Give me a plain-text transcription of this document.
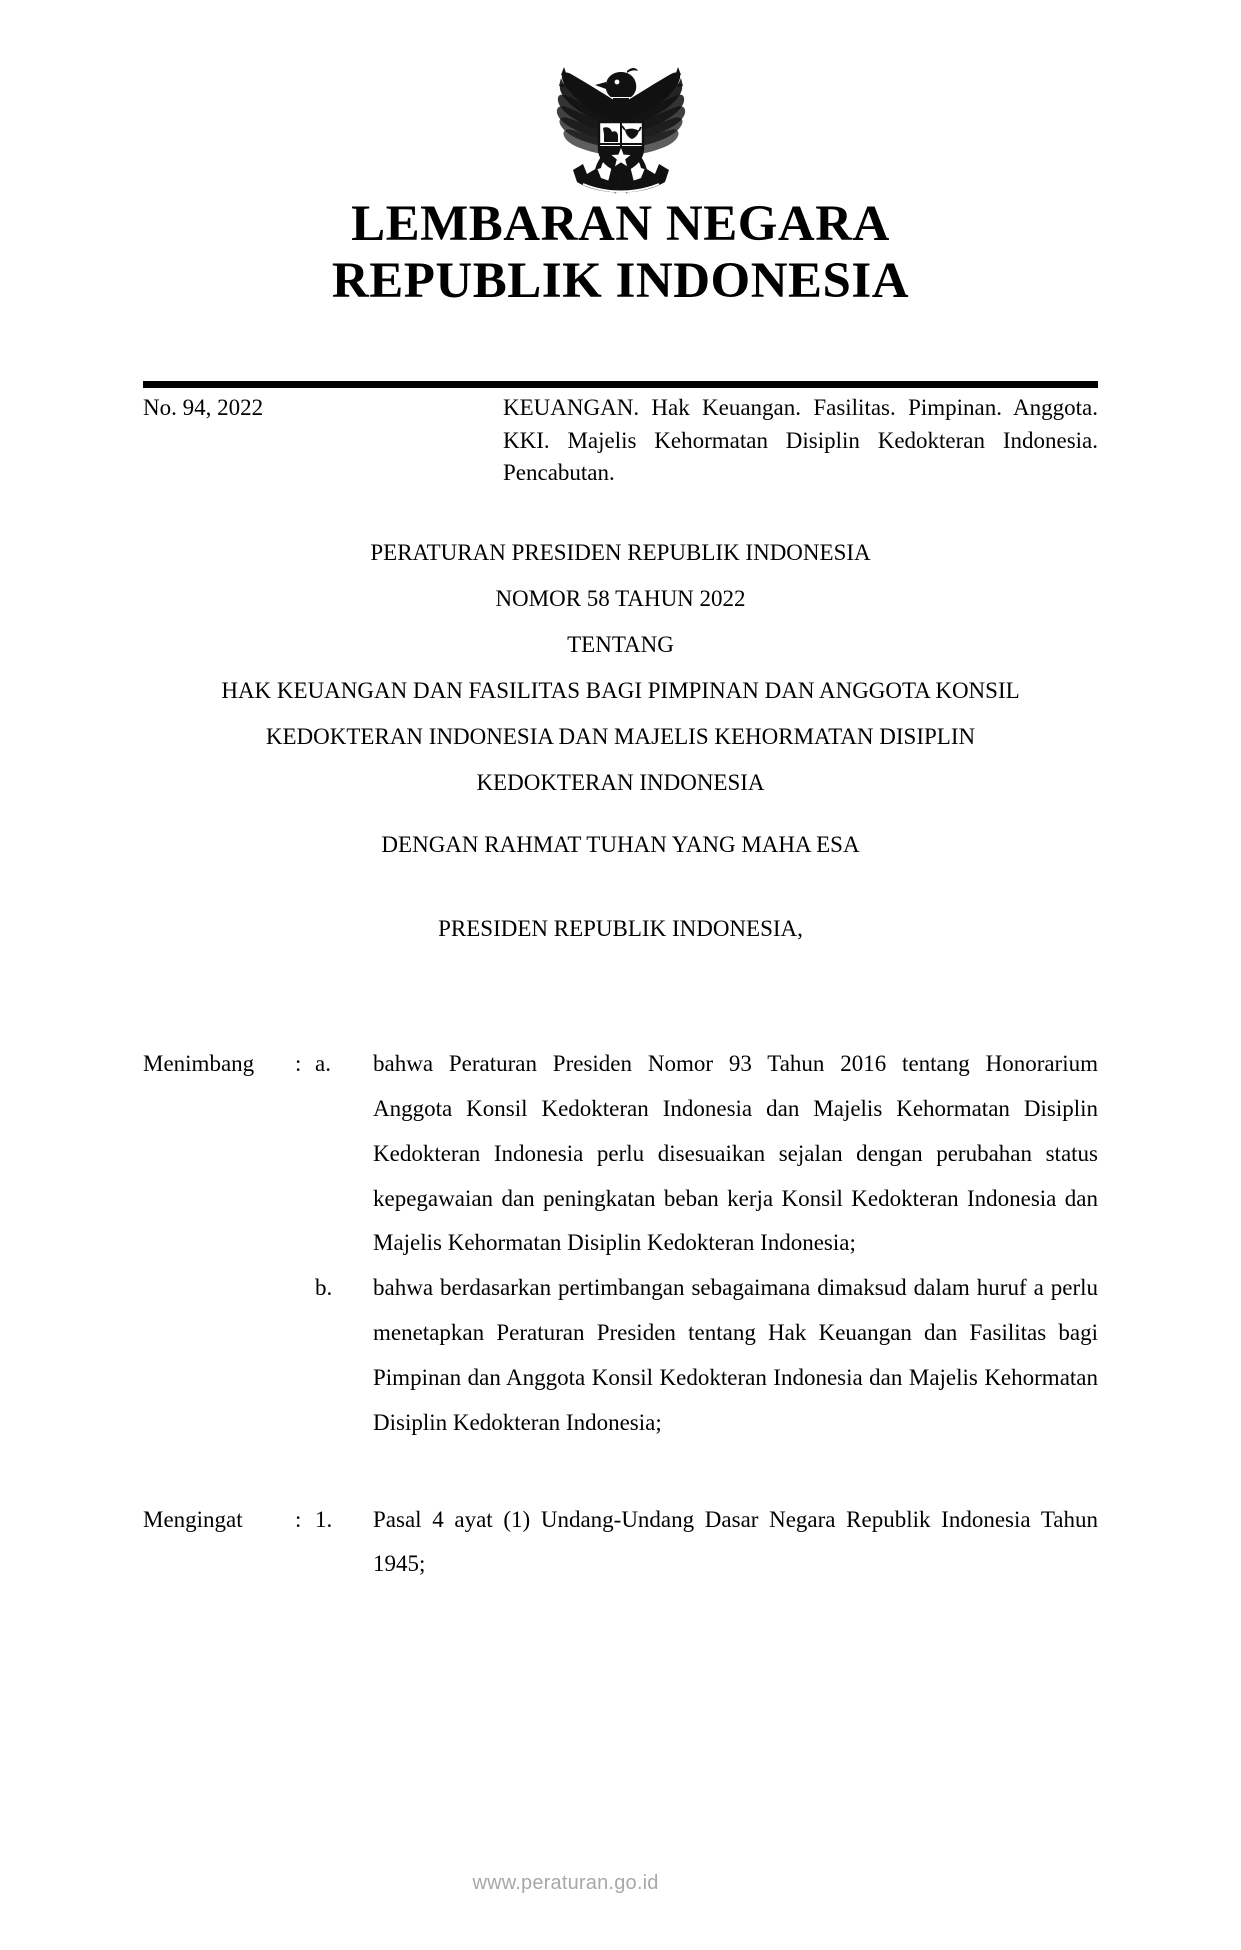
LEMBARAN NEGARA
REPUBLIK INDONESIA
No. 94, 2022	KEUANGAN. Hak Keuangan. Fasilitas. Pimpinan. Anggota. KKI. Majelis Kehormatan Disiplin Kedokteran Indonesia. Pencabutan.
PERATURAN PRESIDEN REPUBLIK INDONESIA
NOMOR 58 TAHUN 2022
TENTANG
HAK KEUANGAN DAN FASILITAS BAGI PIMPINAN DAN ANGGOTA KONSIL
KEDOKTERAN INDONESIA DAN MAJELIS KEHORMATAN DISIPLIN
KEDOKTERAN INDONESIA
DENGAN RAHMAT TUHAN YANG MAHA ESA
PRESIDEN REPUBLIK INDONESIA,
Menimbang	: a.	bahwa Peraturan Presiden Nomor 93 Tahun 2016 tentang Honorarium Anggota Konsil Kedokteran Indonesia dan Majelis Kehormatan Disiplin Kedokteran Indonesia perlu disesuaikan sejalan dengan perubahan status kepegawaian dan peningkatan beban kerja Konsil Kedokteran Indonesia dan Majelis Kehormatan Disiplin Kedokteran Indonesia;
b.	bahwa berdasarkan pertimbangan sebagaimana dimaksud dalam huruf a perlu menetapkan Peraturan Presiden tentang Hak Keuangan dan Fasilitas bagi Pimpinan dan Anggota Konsil Kedokteran Indonesia dan Majelis Kehormatan Disiplin Kedokteran Indonesia;
Mengingat	: 1.	Pasal 4 ayat (1) Undang-Undang Dasar Negara Republik Indonesia Tahun 1945;
www.peraturan.go.id
